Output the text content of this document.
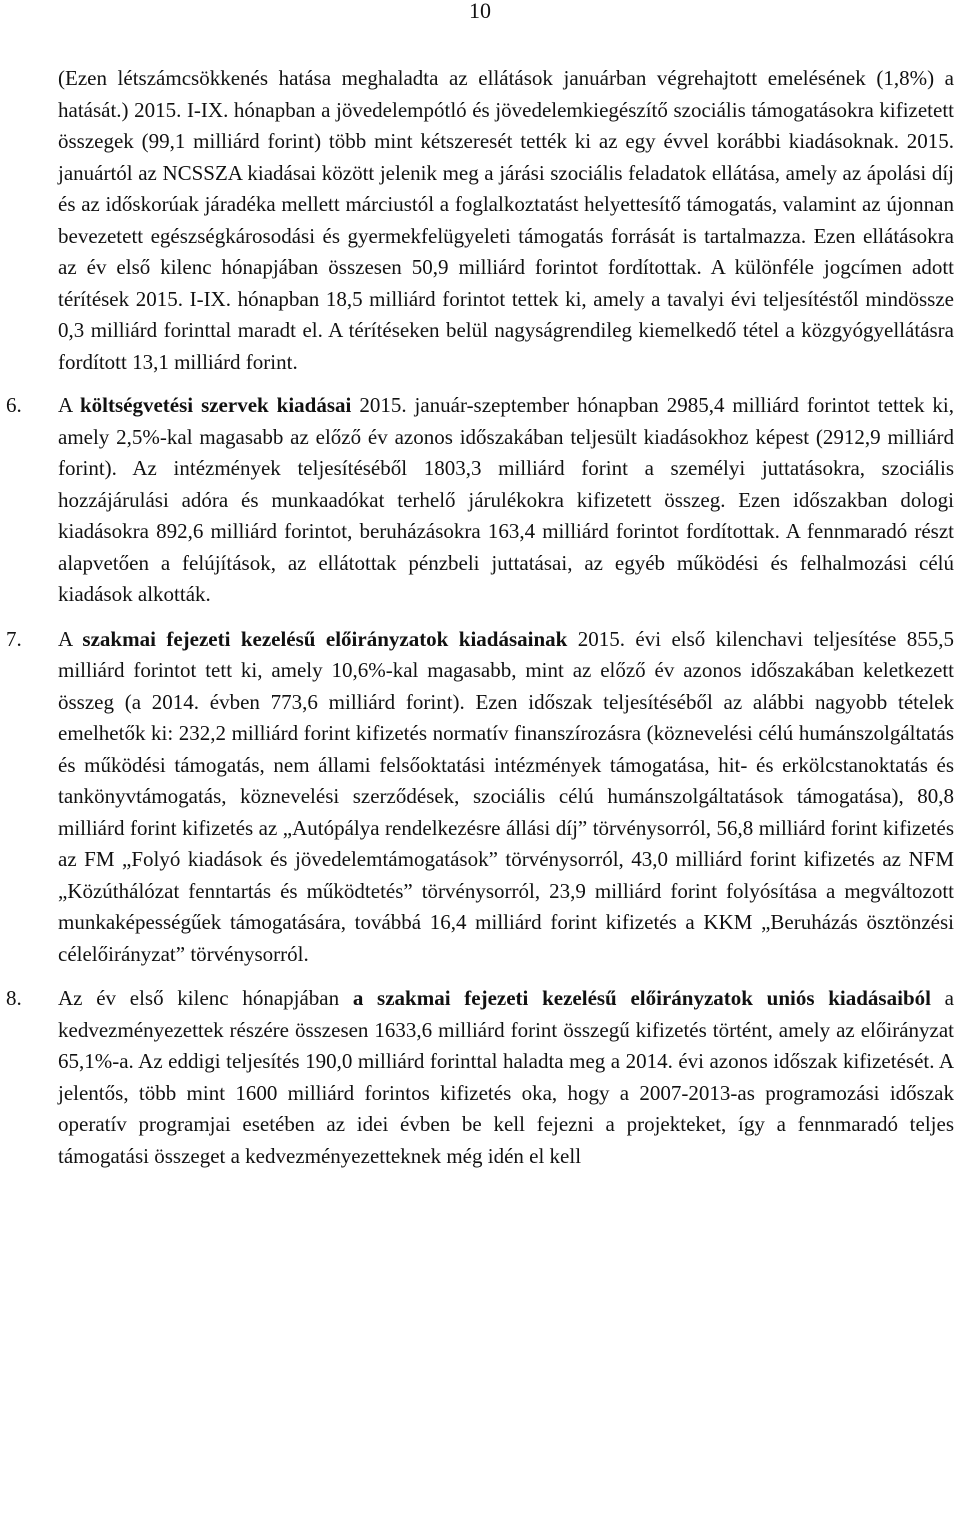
10

(Ezen létszámcsökkenés hatása meghaladta az ellátások januárban végrehajtott emelésének (1,8%) a hatását.) 2015. I-IX. hónapban a jövedelempótló és jövedelemkiegészítő szociális támogatásokra kifizetett összegek (99,1 milliárd forint) több mint kétszeresét tették ki az egy évvel korábbi kiadásoknak. 2015. januártól az NCSSZA kiadásai között jelenik meg a járási szociális feladatok ellátása, amely az ápolási díj és az időskorúak járadéka mellett márciustól a foglalkoztatást helyettesítő támogatás, valamint az újonnan bevezetett egészségkárosodási és gyermekfelügyeleti támogatás forrását is tartalmazza. Ezen ellátásokra az év első kilenc hónapjában összesen 50,9 milliárd forintot fordítottak. A különféle jogcímen adott térítések 2015. I-IX. hónapban 18,5 milliárd forintot tettek ki, amely a tavalyi évi teljesítéstől mindössze 0,3 milliárd forinttal maradt el. A térítéseken belül nagyságrendileg kiemelkedő tétel a közgyógyellátásra fordított 13,1 milliárd forint.

6. A költségvetési szervek kiadásai 2015. január-szeptember hónapban 2985,4 milliárd forintot tettek ki, amely 2,5%-kal magasabb az előző év azonos időszakában teljesült kiadásokhoz képest (2912,9 milliárd forint). Az intézmények teljesítéséből 1803,3 milliárd forint a személyi juttatásokra, szociális hozzájárulási adóra és munkaadókat terhelő járulékokra kifizetett összeg. Ezen időszakban dologi kiadásokra 892,6 milliárd forintot, beruházásokra 163,4 milliárd forintot fordítottak. A fennmaradó részt alapvetően a felújítások, az ellátottak pénzbeli juttatásai, az egyéb működési és felhalmozási célú kiadások alkották.

7. A szakmai fejezeti kezelésű előirányzatok kiadásainak 2015. évi első kilenchavi teljesítése 855,5 milliárd forintot tett ki, amely 10,6%-kal magasabb, mint az előző év azonos időszakában keletkezett összeg (a 2014. évben 773,6 milliárd forint). Ezen időszak teljesítéséből az alábbi nagyobb tételek emelhetők ki: 232,2 milliárd forint kifizetés normatív finanszírozásra (köznevelési célú humánszolgáltatás és működési támogatás, nem állami felsőoktatási intézmények támogatása, hit- és erkölcstanoktatás és tankönyvtámogatás, köznevelési szerződések, szociális célú humánszolgáltatások támogatása), 80,8 milliárd forint kifizetés az „Autópálya rendelkezésre állási díj” törvénysorról, 56,8 milliárd forint kifizetés az FM „Folyó kiadások és jövedelemtámogatások” törvénysorról, 43,0 milliárd forint kifizetés az NFM „Közúthálózat fenntartás és működtetés” törvénysorról, 23,9 milliárd forint folyósítása a megváltozott munkaképességűek támogatására, továbbá 16,4 milliárd forint kifizetés a KKM „Beruházás ösztönzési célelőirányzat” törvénysorról.

8. Az év első kilenc hónapjában a szakmai fejezeti kezelésű előirányzatok uniós kiadásaiból a kedvezményezettek részére összesen 1633,6 milliárd forint összegű kifizetés történt, amely az előirányzat 65,1%-a. Az eddigi teljesítés 190,0 milliárd forinttal haladta meg a 2014. évi azonos időszak kifizetését. A jelentős, több mint 1600 milliárd forintos kifizetés oka, hogy a 2007-2013-as programozási időszak operatív programjai esetében az idei évben be kell fejezni a projekteket, így a fennmaradó teljes támogatási összeget a kedvezményezetteknek még idén el kell
